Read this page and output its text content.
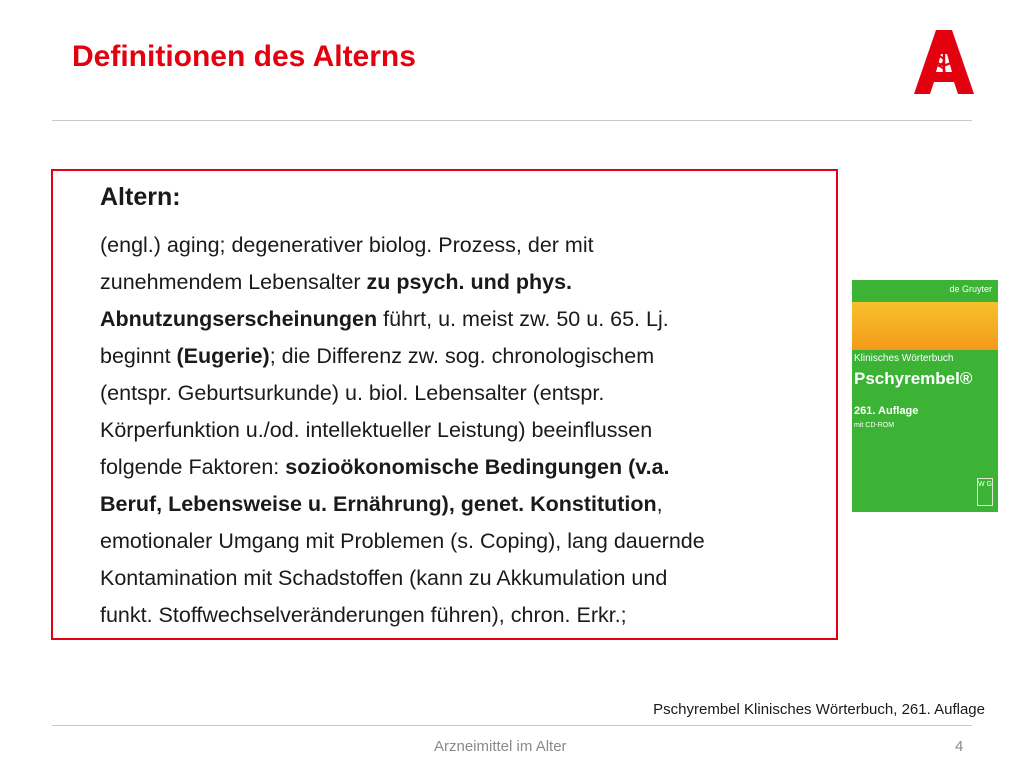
Definitionen des Alterns
Altern:
(engl.) aging; degenerativer biolog. Prozess, der mit
zunehmendem Lebensalter zu psych. und phys.
Abnutzungserscheinungen führt, u. meist zw. 50 u. 65. Lj.
beginnt (Eugerie); die Differenz zw. sog. chronologischem
(entspr. Geburtsurkunde) u. biol. Lebensalter (entspr.
Körperfunktion u./od. intellektueller Leistung) beeinflussen
folgende Faktoren: sozioökonomische Bedingungen (v.a.
Beruf, Lebensweise u. Ernährung), genet. Konstitution,
emotionaler Umgang mit Problemen (s. Coping), lang dauernde
Kontamination mit Schadstoffen (kann zu Akkumulation und
funkt. Stoffwechselveränderungen führen), chron. Erkr.;
de Gruyter
Klinisches Wörterbuch
Pschyrembel®
261. Auflage
mit CD-ROM
W G
Pschyrembel Klinisches Wörterbuch, 261. Auflage
Arzneimittel im Alter	4
